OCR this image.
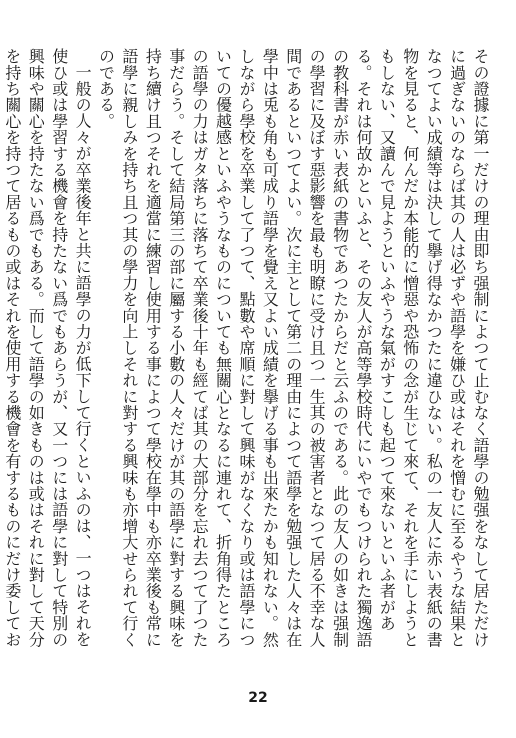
その證據に第一だけの理由即ち强制によつて止むなく語學の勉强をなして居ただけに過ぎないのならば其の人は必ずや語學を嫌ひ或はそれを憎むに至るやうな結果となつてよい成績等は決して擧げ得なかつたに違ひない。私の一友人に赤い表紙の書物を見ると、何んだか本能的に憎惡や恐怖の念が生じて來て、それを手にしようともしない、又讀んで見ようといふやうな氣がすこしも起つて來ないといふ者がある。それは何故かといふと、その友人が高等學校時代にいやでもつけられた獨逸語の教科書が赤い表紙の書物であつたからだと云ふのである。此の友人の如きは强制の學習に及ぼす惡影響を最も明瞭に受け且つ一生其の被害者となつて居る不幸な人間であるといつてよい。次に主として第二の理由によつて語學を勉强した人々は在學中は兎も角も可成り語學を覺え又よい成績を擧げる事も出來たかも知れない。然しながら學校を卒業して了つて、點數や席順に對して興味がなくなり或は語學についての優越感といふやうなものについても無關心となるに連れて、折角得たところの語學の力はガタ落ちに落ちて卒業後十年も經てば其の大部分を忘れ去つて了つた事だらう。そして結局第三の部に屬する小數の人々だけが其の語學に對する興味を持ち續け且つそれを適當に練習し使用する事によつて學校在學中も亦卒業後も常に語學に親しみを持ち且つ其の學力を向上しそれに對する興味も亦增大せられて行くのである。

一般の人々が卒業後年と共に語學の力が低下して行くといふのは、一つはそれを使ひ或は學習する機會を持たない爲でもあらうが、又一つには語學に對して特別の興味や關心を持たない爲でもある。而して語學の如きものは或はそれに對して天分を持ち關心を持つて居るもの或はそれを使用する機會を有するものにだけ委してお

22
